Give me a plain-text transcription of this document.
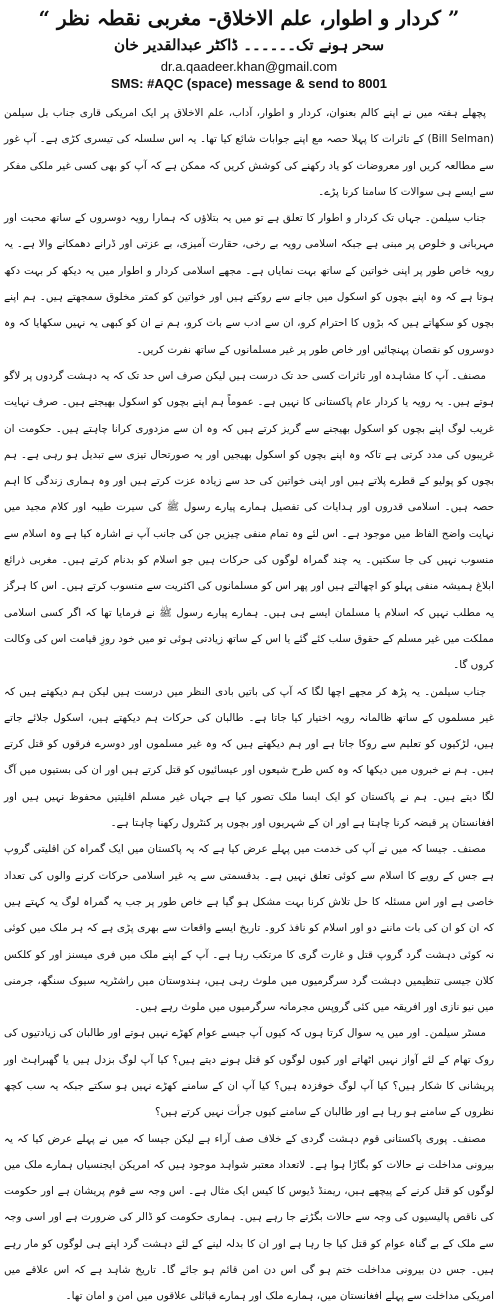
” کردار و اطوار، علم الاخلاق- مغربی نقطہ نظر “
سحر ہونے تک۔۔۔۔۔۔ ڈاکٹر عبدالقدیر خان
dr.a.qaadeer.khan@gmail.com
SMS: #AQC (space) message & send to 8001

پچھلے ہفتہ میں نے اپنے کالم بعنوان، کردار و اطوار، آداب، علم الاخلاق پر ایک امریکی قاری جناب بل سیلمن (Bill Selman) کے تاثرات کا پہلا حصہ مع اپنے جوابات شائع کیا تھا۔ یہ اس سلسلہ کی تیسری کڑی ہے۔ آپ غور سے مطالعہ کریں اور معروضات کو یاد رکھنے کی کوشش کریں کہ ممکن ہے کہ آپ کو بھی کسی غیر ملکی مفکر سے ایسے ہی سوالات کا سامنا کرنا پڑے۔

جناب سیلمن۔ جہاں تک کردار و اطوار کا تعلق ہے تو میں یہ بتلاؤں کہ ہمارا رویہ دوسروں کے ساتھ محبت اور مہربانی و خلوص پر مبنی ہے جبکہ اسلامی رویہ بے رخی، حقارت آمیزی، بے عزتی اور ڈرانے دھمکانے والا ہے۔ یہ رویہ خاص طور پر اپنی خواتین کے ساتھ بہت نمایاں ہے۔ مجھے اسلامی کردار و اطوار میں یہ دیکھ کر بہت دکھ ہوتا ہے کہ وہ اپنے بچوں کو اسکول میں جانے سے روکتے ہیں اور خواتین کو کمتر مخلوق سمجھتے ہیں۔ ہم اپنے بچوں کو سکھاتے ہیں کہ بڑوں کا احترام کرو، ان سے ادب سے بات کرو، ہم نے ان کو کبھی یہ نہیں سکھایا کہ وہ دوسروں کو نقصان پہنچائیں اور خاص طور پر غیر مسلمانوں کے ساتھ نفرت کریں۔

مصنف۔ آپ کا مشاہدہ اور تاثرات کسی حد تک درست ہیں لیکن صرف اس حد تک کہ یہ دہشت گردوں پر لاگو ہوتے ہیں۔ یہ رویہ یا کردار عام پاکستانی کا نہیں ہے۔ عموماً ہم اپنے بچوں کو اسکول بھیجتے ہیں۔ صرف نہایت غریب لوگ اپنے بچوں کو اسکول بھیجنے سے گریز کرتے ہیں کہ وہ ان سے مزدوری کرانا چاہتے ہیں۔ حکومت ان غریبوں کی مدد کرتی ہے تاکہ وہ اپنے بچوں کو اسکول بھیجیں اور یہ صورتحال تیزی سے تبدیل ہو رہی ہے۔ ہم بچوں کو پولیو کے قطرے پلاتے ہیں اور اپنی خواتین کی حد سے زیادہ عزت کرتے ہیں اور وہ ہماری زندگی کا اہم حصہ ہیں۔ اسلامی قدروں اور ہدایات کی تفصیل ہمارے پیارے رسول ﷺ کی سیرت طیبہ اور کلام مجید میں نہایت واضح الفاظ میں موجود ہے۔ اس لئے وہ تمام منفی چیزیں جن کی جانب آپ نے اشارہ کیا ہے وہ اسلام سے منسوب نہیں کی جا سکتیں۔ یہ چند گمراہ لوگوں کی حرکات ہیں جو اسلام کو بدنام کرتے ہیں۔ مغربی ذرائع ابلاغ ہمیشہ منفی پہلو کو اچھالتے ہیں اور پھر اس کو مسلمانوں کی اکثریت سے منسوب کرتے ہیں۔ اس کا ہرگز یہ مطلب نہیں کہ اسلام یا مسلمان ایسے ہی ہیں۔ ہمارے پیارے رسول ﷺ نے فرمایا تھا کہ اگر کسی اسلامی مملکت میں غیر مسلم کے حقوق سلب کئے گئے یا اس کے ساتھ زیادتی ہوئی تو میں خود روزِ قیامت اس کی وکالت کروں گا۔

جناب سیلمن۔ یہ پڑھ کر مجھے اچھا لگا کہ آپ کی باتیں بادی النظر میں درست ہیں لیکن ہم دیکھتے ہیں کہ غیر مسلموں کے ساتھ ظالمانہ رویہ اختیار کیا جاتا ہے۔ طالبان کی حرکات ہم دیکھتے ہیں، اسکول جلائے جاتے ہیں، لڑکیوں کو تعلیم سے روکا جاتا ہے اور ہم دیکھتے ہیں کہ وہ غیر مسلموں اور دوسرے فرقوں کو قتل کرتے ہیں۔ ہم نے خبروں میں دیکھا کہ وہ کس طرح شیعوں اور عیسائیوں کو قتل کرتے ہیں اور ان کی بستیوں میں آگ لگا دیتے ہیں۔ ہم نے پاکستان کو ایک ایسا ملک تصور کیا ہے جہاں غیر مسلم اقلیتیں محفوظ نہیں ہیں اور افغانستان پر قبضہ کرنا چاہتا ہے اور ان کے شہریوں اور بچوں پر کنٹرول رکھنا چاہتا ہے۔

مصنف۔ جیسا کہ میں نے آپ کی خدمت میں پہلے عرض کیا ہے کہ یہ پاکستان میں ایک گمراہ کن اقلیتی گروپ ہے جس کے رویے کا اسلام سے کوئی تعلق نہیں ہے۔ بدقسمتی سے یہ غیر اسلامی حرکات کرنے والوں کی تعداد خاصی ہے اور اس مسئلہ کا حل تلاش کرنا بہت مشکل ہو گیا ہے خاص طور پر جب یہ گمراہ لوگ یہ کہتے ہیں کہ ان کو ان کی بات ماننے دو اور اسلام کو نافذ کرو۔ تاریخ ایسے واقعات سے بھری پڑی ہے کہ ہر ملک میں کوئی نہ کوئی دہشت گرد گروپ قتل و غارت گری کا مرتکب رہا ہے۔ آپ کے اپنے ملک میں فری میسنز اور کو کلکس کلان جیسی تنظیمیں دہشت گرد سرگرمیوں میں ملوث رہی ہیں، ہندوستان میں راشٹریہ سیوک سنگھ، جرمنی میں نیو نازی اور افریقہ میں کئی گروپس مجرمانہ سرگرمیوں میں ملوث رہے ہیں۔

مسٹر سیلمن۔ اور میں یہ سوال کرتا ہوں کہ کیوں آپ جیسے عوام کھڑے نہیں ہوتے اور طالبان کی زیادتیوں کی روک تھام کے لئے آواز نہیں اٹھاتے اور کیوں لوگوں کو قتل ہونے دیتے ہیں؟ کیا آپ لوگ بزدل ہیں یا گھبراہٹ اور پریشانی کا شکار ہیں؟ کیا آپ لوگ خوفزدہ ہیں؟ کیا آپ ان کے سامنے کھڑے نہیں ہو سکتے جبکہ یہ سب کچھ نظروں کے سامنے ہو رہا ہے اور طالبان کے سامنے کیوں جرأت نہیں کرتے ہیں؟

مصنف۔ پوری پاکستانی قوم دہشت گردی کے خلاف صف آراء ہے لیکن جیسا کہ میں نے پہلے عرض کیا کہ یہ بیرونی مداخلت نے حالات کو بگاڑا ہوا ہے۔ لاتعداد معتبر شواہد موجود ہیں کہ امریکن ایجنسیاں ہمارے ملک میں لوگوں کو قتل کرنے کے پیچھے ہیں، ریمنڈ ڈیوس کا کیس ایک مثال ہے۔ اس وجہ سے قوم پریشان ہے اور حکومت کی ناقص پالیسیوں کی وجہ سے حالات بگڑتے جا رہے ہیں۔ ہماری حکومت کو ڈالر کی ضرورت ہے اور اسی وجہ سے ملک کے بے گناہ عوام کو قتل کیا جا رہا ہے اور ان کا بدلہ لینے کے لئے دہشت گرد اپنے ہی لوگوں کو مار رہے ہیں۔ جس دن بیرونی مداخلت ختم ہو گی اس دن امن قائم ہو جائے گا۔ تاریخ شاہد ہے کہ اس علاقے میں امریکی مداخلت سے پہلے افغانستان میں، ہمارے ملک اور ہمارے قبائلی علاقوں میں امن و امان تھا۔
